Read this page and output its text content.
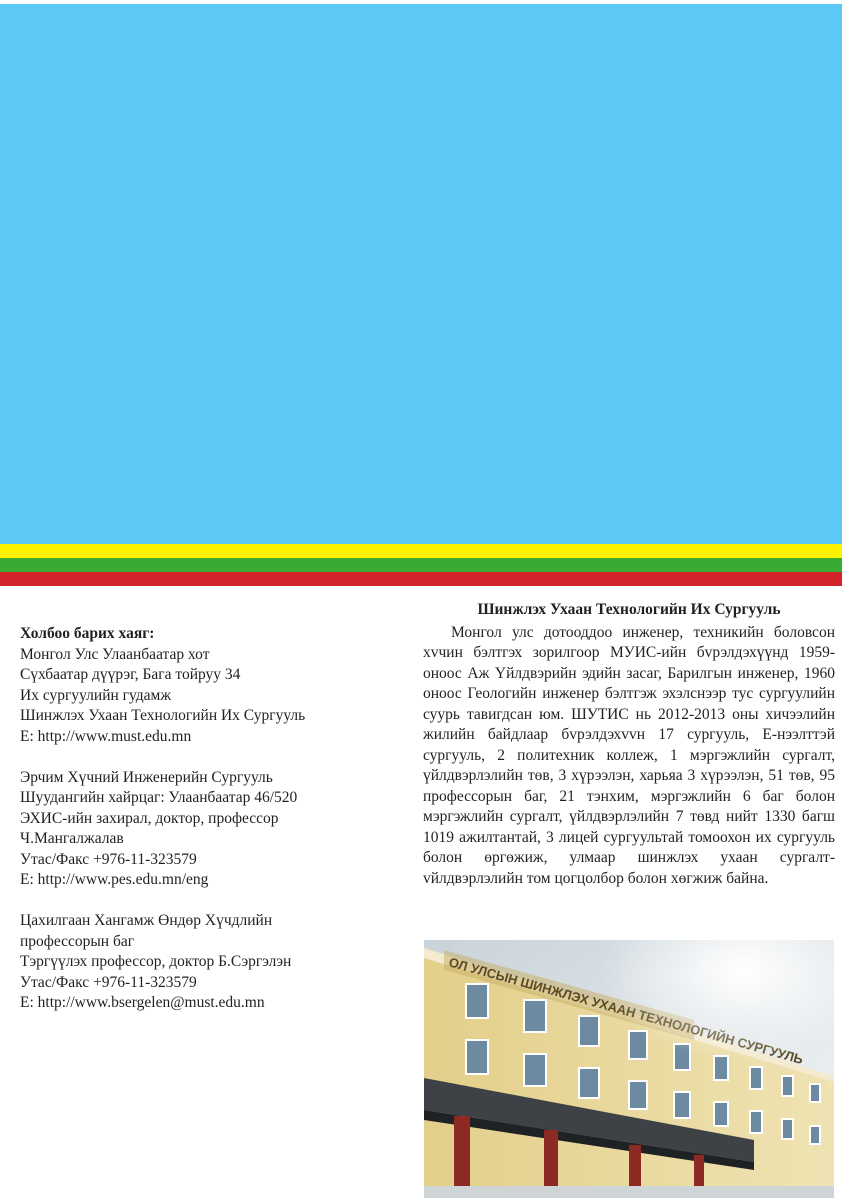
Холбоо барих хаяг:
Монгол Улс Улаанбаатар хот
Сүхбаатар дүүрэг, Бага тойруу 34
Их сургуулийн гудамж
Шинжлэх Ухаан Технологийн Их Сургууль
E: http://www.must.edu.mn
Эрчим Хүчний Инженерийн Сургууль
Шуудангийн хайрцаг: Улаанбаатар 46/520
ЭХИС-ийн захирал, доктор, профессор
Ч.Мангалжалав
Утас/Факс +976-11-323579
E: http://www.pes.edu.mn/eng
Цахилгаан Хангамж Өндөр Хүчдлийн
профессорын баг
Тэргүүлэх профессор, доктор Б.Сэргэлэн
Утас/Факс +976-11-323579
E: http://www.bsergelen@must.edu.mn
Шинжлэх Ухаан Технологийн Их Сургууль

Монгол улс дотооддоо инженер, техникийн боловсон хvчин бэлтгэх зорилгоор МУИС-ийн бvрэлдэхүүнд 1959-оноос Аж Үйлдвэрийн эдийн засаг, Барилгын инженер, 1960 оноос Геологийн инженер бэлтгэж эхэлснээр тус сургуулийн суурь тавигдсан юм. ШУТИС нь 2012-2013 оны хичээлийн жилийн байдлаар бvрэлдэхvvн 17 сургууль, Е-нээлттэй сургууль, 2 политехник коллеж, 1 мэргэжлийн сургалт, үйлдвэрлэлийн төв, 3 хүрээлэн, харьяа 3 хүрээлэн, 51 төв, 95 профессорын баг, 21 тэнхим, мэргэжлийн 6 баг болон мэргэжлийн сургалт, үйлдвэрлэлийн 7 төвд нийт 1330 багш 1019 ажилтантай, 3 лицей сургуультай томоохон их сургууль болон өргөжиж, улмаар шинжлэх ухаан сургалт-vйлдвэрлэлийн том цогцолбор болон хөгжиж байна.
